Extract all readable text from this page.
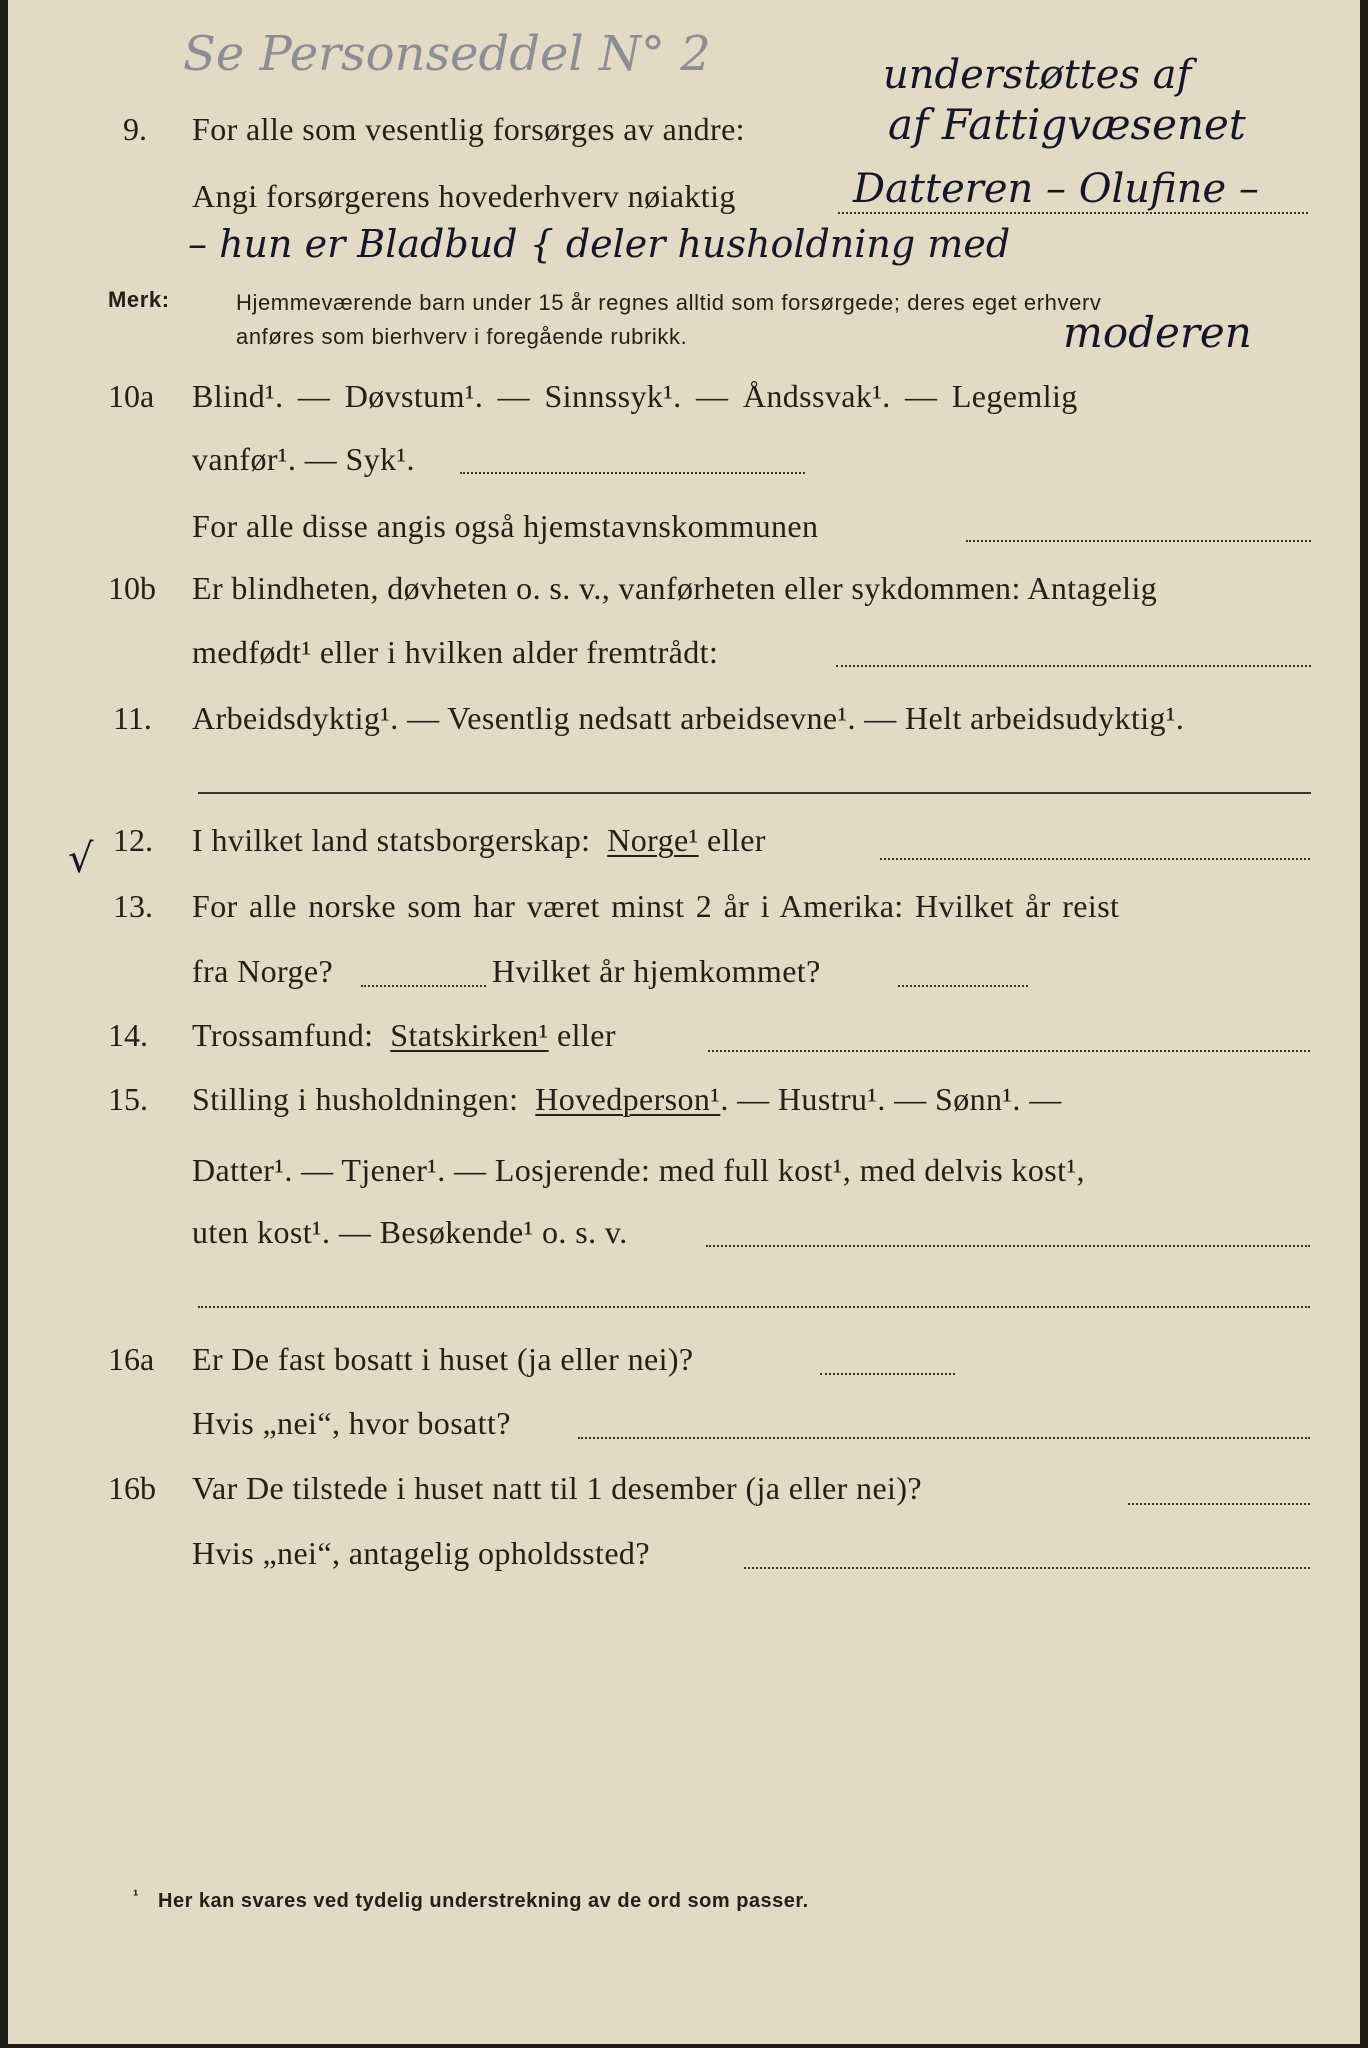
Se Personseddel N° 2	understøttes af
9. For alle som vesentlig forsørges av andre:	af Fattigvæsenet
Angi forsørgerens hovederhverv nøiaktig	Datteren – Olufine –
– hun er Bladbud { deler husholdning med
Merk:	Hjemmeværende barn under 15 år regnes alltid som forsørgede; deres eget erhverv
anføres som bierhverv i foregående rubrikk.	moderen
10a Blind¹. — Døvstum¹. — Sinnssyk¹. — Åndssvak¹. — Legemlig
vanfør¹. — Syk¹.
For alle disse angis også hjemstavnskommunen
10b Er blindheten, døvheten o. s. v., vanførheten eller sykdommen: Antagelig
medfødt¹ eller i hvilken alder fremtrådt:
11. Arbeidsdyktig¹. — Vesentlig nedsatt arbeidsevne¹. — Helt arbeidsudyktig¹.
√ 12. I hvilket land statsborgerskap: Norge¹ eller
13. For alle norske som har været minst 2 år i Amerika: Hvilket år reist
fra Norge?	Hvilket år hjemkommet?
14. Trossamfund: Statskirken¹ eller
15. Stilling i husholdningen: Hovedperson¹. — Hustru¹. — Sønn¹. —
Datter¹. — Tjener¹. — Losjerende: med full kost¹, med delvis kost¹,
uten kost¹. — Besøkende¹ o. s. v.
16a Er De fast bosatt i huset (ja eller nei)?
Hvis „nei“, hvor bosatt?
16b Var De tilstede i huset natt til 1 desember (ja eller nei)?
Hvis „nei“, antagelig opholdssted?
¹ Her kan svares ved tydelig understrekning av de ord som passer.
